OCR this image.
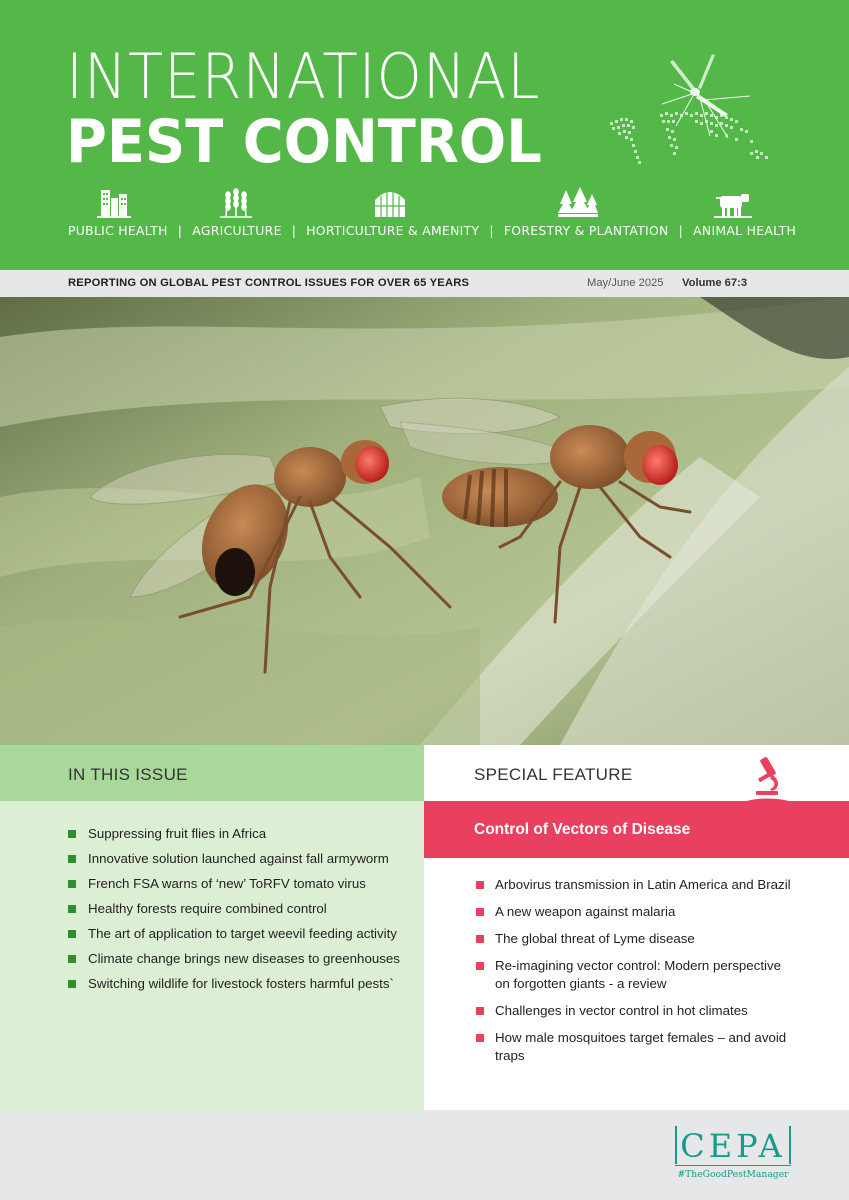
INTERNATIONAL
PEST CONTROL
PUBLIC HEALTH | AGRICULTURE | HORTICULTURE & AMENITY | FORESTRY & PLANTATION | ANIMAL HEALTH
REPORTING ON GLOBAL PEST CONTROL ISSUES FOR OVER 65 YEARS	May/June 2025 Volume 67:3
IN THIS ISSUE
Suppressing fruit flies in Africa
Innovative solution launched against fall armyworm
French FSA warns of ‘new’ ToRFV tomato virus
Healthy forests require combined control
The art of application to target weevil feeding activity
Climate change brings new diseases to greenhouses
Switching wildlife for livestock fosters harmful pests`
SPECIAL FEATURE
Control of Vectors of Disease
Arbovirus transmission in Latin America and Brazil
A new weapon against malaria
The global threat of Lyme disease
Re-imagining vector control: Modern perspective on forgotten giants - a review
Challenges in vector control in hot climates
How male mosquitoes target females – and avoid traps
CEPA
#TheGoodPestManager
